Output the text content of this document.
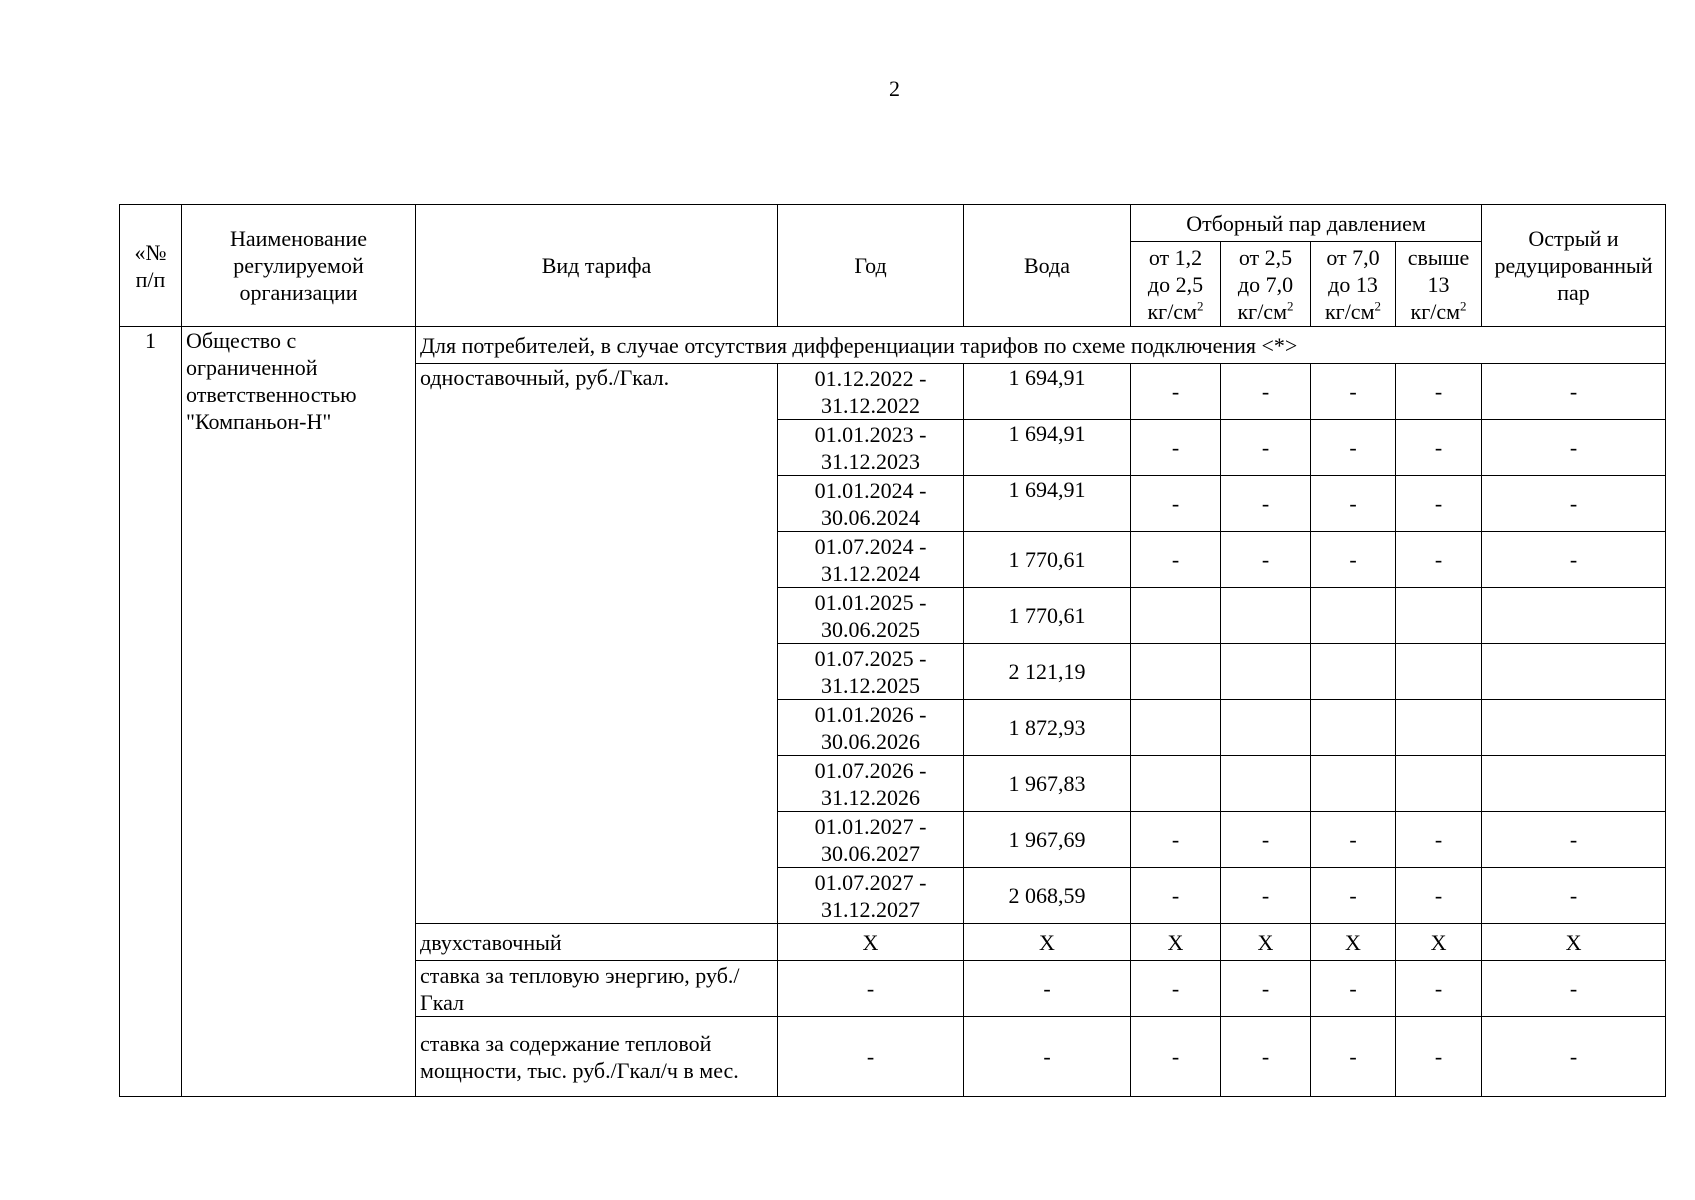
2
«№ п/п	Наименование регулируемой организации	Вид тарифа	Год	Вода	Отборный пар давлением				Острый и редуцированный пар

					от 1,2
до 2,5
$кг/см^2$	от 2,5
до 7,0
$кг/см^2$	от 7,0
до 13
$кг/см^2$	свыше
13
$кг/см^2$

1	Общество с ограниченной ответственностью "Компаньон-Н"	Для потребителей, в случае отсутствия дифференциации тарифов по схеме подключения <*>							
		одноставочный, руб./Гкал.	01.12.2022 -
31.12.2022	1 694,91	-	-	-	-	-

			01.01.2023 -
31.12.2023	1 694,91	-	-	-	-	-

			01.01.2024 -
30.06.2024	1 694,91	-	-	-	-	-

			01.07.2024 -
31.12.2024	1 770,61	-	-	-	-	-

			01.01.2025 -
30.06.2025	1 770,61					

			01.07.2025 -
31.12.2025	2 121,19					

			01.01.2026 -
30.06.2026	1 872,93					

			01.07.2026 -
31.12.2026	1 967,83					

			01.01.2027 -
30.06.2027	1 967,69	-	-	-	-	-

			01.07.2027 -
31.12.2027	2 068,59	-	-	-	-	-
		двухставочный	X	X	X	X	X	X	X
		ставка за тепловую энергию, руб./Гкал	-	-	-	-	-	-	-
		ставка за содержание тепловой мощности, тыс. руб./Гкал/ч в мес.	-	-	-	-	-	-	-
